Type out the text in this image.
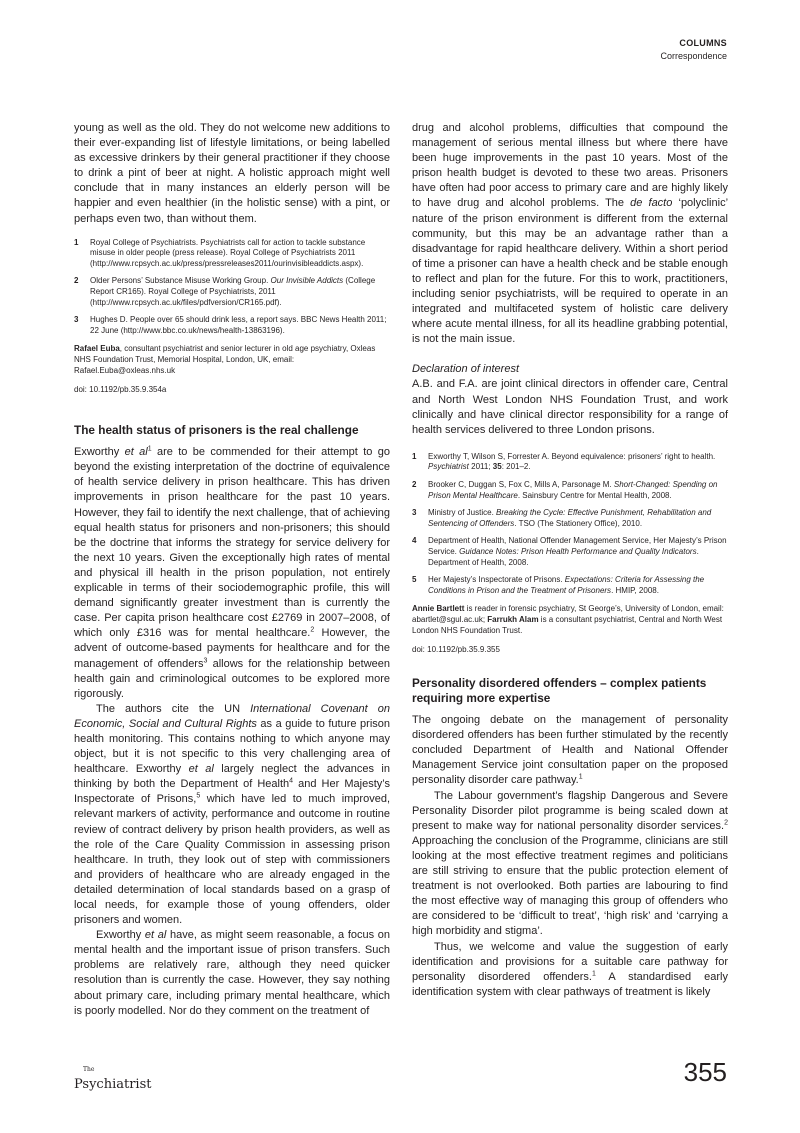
COLUMNS
Correspondence

young as well as the old. They do not welcome new additions to their ever-expanding list of lifestyle limitations, or being labelled as excessive drinkers by their general practitioner if they choose to drink a pint of beer at night. A holistic approach might well conclude that in many instances an elderly person will be happier and even healthier (in the holistic sense) with a pint, or perhaps even two, than without them.

1	Royal College of Psychiatrists. Psychiatrists call for action to tackle substance misuse in older people (press release). Royal College of Psychiatrists 2011 (http://www.rcpsych.ac.uk/press/pressreleases2011/ourinvisibleaddicts.aspx).
2	Older Persons’ Substance Misuse Working Group. Our Invisible Addicts (College Report CR165). Royal College of Psychiatrists, 2011 (http://www.rcpsych.ac.uk/files/pdfversion/CR165.pdf).
3	Hughes D. People over 65 should drink less, a report says. BBC News Health 2011; 22 June (http://www.bbc.co.uk/news/health-13863196).
Rafael Euba, consultant psychiatrist and senior lecturer in old age psychiatry, Oxleas NHS Foundation Trust, Memorial Hospital, London, UK, email: Rafael.Euba@oxleas.nhs.uk
doi: 10.1192/pb.35.9.354a
The health status of prisoners is the real challenge

Exworthy et $al^1$ are to be commended for their attempt to go beyond the existing interpretation of the doctrine of equivalence of health service delivery in prison healthcare. This has driven improvements in prison healthcare for the past 10 years. However, they fail to identify the next challenge, that of achieving equal health status for prisoners and non-prisoners; this should be the doctrine that informs the strategy for service delivery for the next 10 years. Given the exceptionally high rates of mental and physical ill health in the prison population, not entirely explicable in terms of their sociodemographic profile, this will demand significantly greater investment than is currently the case. Per capita prison healthcare cost £2769 in 2007–2008, of which only £316 was for mental healthcare.$^2$ However, the advent of outcome-based payments for healthcare and for the management of offenders$^3$ allows for the relationship between health gain and criminological outcomes to be explored more rigorously.

The authors cite the UN International Covenant on Economic, Social and Cultural Rights as a guide to future prison health monitoring. This contains nothing to which anyone may object, but it is not specific to this very challenging area of healthcare. Exworthy et al largely neglect the advances in thinking by both the Department of Health$^4$ and Her Majesty’s Inspectorate of Prisons,$^5$ which have led to much improved, relevant markers of activity, performance and outcome in routine review of contract delivery by prison health providers, as well as the role of the Care Quality Commission in assessing prison healthcare. In truth, they look out of step with commissioners and providers of healthcare who are already engaged in the detailed determination of local standards based on a grasp of local needs, for example those of young offenders, older prisoners and women.

Exworthy et al have, as might seem reasonable, a focus on mental health and the important issue of prison transfers. Such problems are relatively rare, although they need quicker resolution than is currently the case. However, they say nothing about primary care, including primary mental healthcare, which is poorly modelled. Nor do they comment on the treatment of

drug and alcohol problems, difficulties that compound the management of serious mental illness but where there have been huge improvements in the past 10 years. Most of the prison health budget is devoted to these two areas. Prisoners have often had poor access to primary care and are highly likely to have drug and alcohol problems. The de facto ‘polyclinic’ nature of the prison environment is different from the external community, but this may be an advantage rather than a disadvantage for rapid healthcare delivery. Within a short period of time a prisoner can have a health check and be stable enough to reflect and plan for the future. For this to work, practitioners, including senior psychiatrists, will be required to operate in an integrated and multifaceted system of holistic care delivery where acute mental illness, for all its headline grabbing potential, is not the main issue.

Declaration of interest

A.B. and F.A. are joint clinical directors in offender care, Central and North West London NHS Foundation Trust, and work clinically and have clinical director responsibility for a range of health services delivered to three London prisons.

1	Exworthy T, Wilson S, Forrester A. Beyond equivalence: prisoners’ right to health. Psychiatrist 2011; 35: 201–2.
2	Brooker C, Duggan S, Fox C, Mills A, Parsonage M. Short-Changed: Spending on Prison Mental Healthcare. Sainsbury Centre for Mental Health, 2008.
3	Ministry of Justice. Breaking the Cycle: Effective Punishment, Rehabilitation and Sentencing of Offenders. TSO (The Stationery Office), 2010.
4	Department of Health, National Offender Management Service, Her Majesty’s Prison Service. Guidance Notes: Prison Health Performance and Quality Indicators. Department of Health, 2008.
5	Her Majesty’s Inspectorate of Prisons. Expectations: Criteria for Assessing the Conditions in Prison and the Treatment of Prisoners. HMIP, 2008.
Annie Bartlett is reader in forensic psychiatry, St George’s, University of London, email: abartlet@sgul.ac.uk; Farrukh Alam is a consultant psychiatrist, Central and North West London NHS Foundation Trust.
doi: 10.1192/pb.35.9.355
Personality disordered offenders – complex patients requiring more expertise

The ongoing debate on the management of personality disordered offenders has been further stimulated by the recently concluded Department of Health and National Offender Management Service joint consultation paper on the proposed personality disorder care pathway.$^1$

The Labour government’s flagship Dangerous and Severe Personality Disorder pilot programme is being scaled down at present to make way for national personality disorder services.$^2$ Approaching the conclusion of the Programme, clinicians are still looking at the most effective treatment regimes and politicians are still striving to ensure that the public protection element of treatment is not overlooked. Both parties are labouring to find the most effective way of managing this group of offenders who are considered to be ‘difficult to treat’, ‘high risk’ and ‘carrying a high morbidity and stigma’.

Thus, we welcome and value the suggestion of early identification and provisions for a suitable care pathway for personality disordered offenders.$^1$ A standardised early identification system with clear pathways of treatment is likely

The
Psychiatrist	355
